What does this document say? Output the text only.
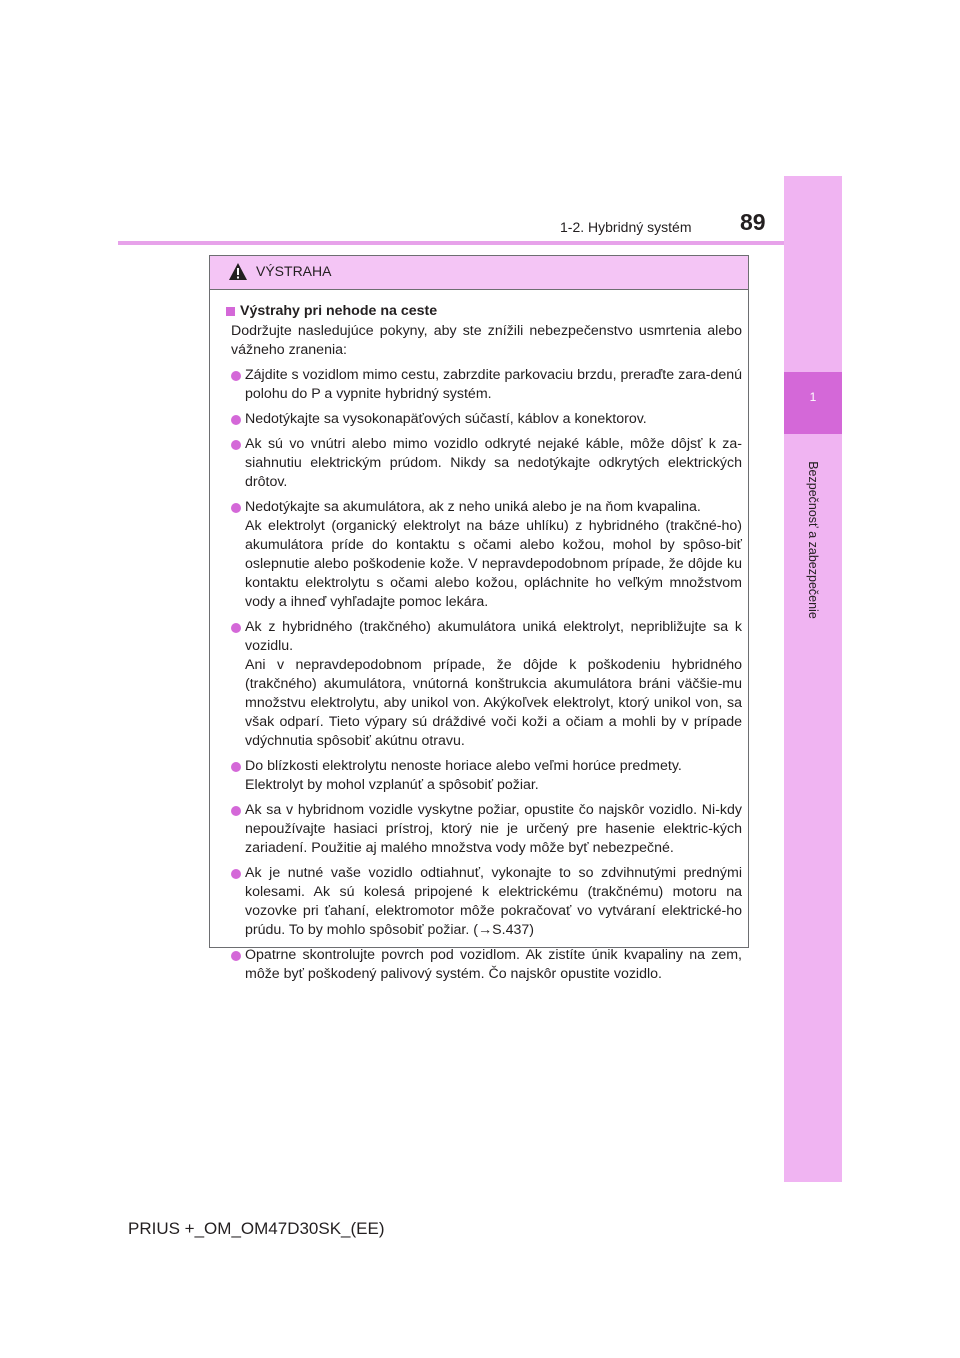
1
Bezpečnosť a zabezpečenie
1-2. Hybridný systém 89
VÝSTRAHA
Výstrahy pri nehode na ceste
Dodržujte nasledujúce pokyny, aby ste znížili nebezpečenstvo usmrtenia alebo vážneho zranenia:
Zájdite s vozidlom mimo cestu, zabrzdite parkovaciu brzdu, preraďte zara-denú polohu do P a vypnite hybridný systém.
Nedotýkajte sa vysokonapäťových súčastí, káblov a konektorov.
Ak sú vo vnútri alebo mimo vozidlo odkryté nejaké káble, môže dôjsť k za-siahnutiu elektrickým prúdom. Nikdy sa nedotýkajte odkrytých elektrických drôtov.
Nedotýkajte sa akumulátora, ak z neho uniká alebo je na ňom kvapalina.
Ak elektrolyt (organický elektrolyt na báze uhlíku) z hybridného (trakčné-ho) akumulátora príde do kontaktu s očami alebo kožou, mohol by spôso-biť oslepnutie alebo poškodenie kože. V nepravdepodobnom prípade, že dôjde ku kontaktu elektrolytu s očami alebo kožou, opláchnite ho veľkým množstvom vody a ihneď vyhľadajte pomoc lekára.
Ak z hybridného (trakčného) akumulátora uniká elektrolyt, nepribližujte sa k vozidlu.
Ani v nepravdepodobnom prípade, že dôjde k poškodeniu hybridného (trakčného) akumulátora, vnútorná konštrukcia akumulátora bráni väčšie-mu množstvu elektrolytu, aby unikol von. Akýkoľvek elektrolyt, ktorý unikol von, sa však odparí. Tieto výpary sú dráždivé voči koži a očiam a mohli by v prípade vdýchnutia spôsobiť akútnu otravu.
Do blízkosti elektrolytu nenoste horiace alebo veľmi horúce predmety.
Elektrolyt by mohol vzplanúť a spôsobiť požiar.
Ak sa v hybridnom vozidle vyskytne požiar, opustite čo najskôr vozidlo. Ni-kdy nepoužívajte hasiaci prístroj, ktorý nie je určený pre hasenie elektric-kých zariadení. Použitie aj malého množstva vody môže byť nebezpečné.
Ak je nutné vaše vozidlo odtiahnuť, vykonajte to so zdvihnutými prednými kolesami. Ak sú kolesá pripojené k elektrickému (trakčnému) motoru na vozovke pri ťahaní, elektromotor môže pokračovať vo vytváraní elektrické-ho prúdu. To by mohlo spôsobiť požiar. (→S.437)
Opatrne skontrolujte povrch pod vozidlom. Ak zistíte únik kvapaliny na zem, môže byť poškodený palivový systém. Čo najskôr opustite vozidlo.
PRIUS +_OM_OM47D30SK_(EE)
